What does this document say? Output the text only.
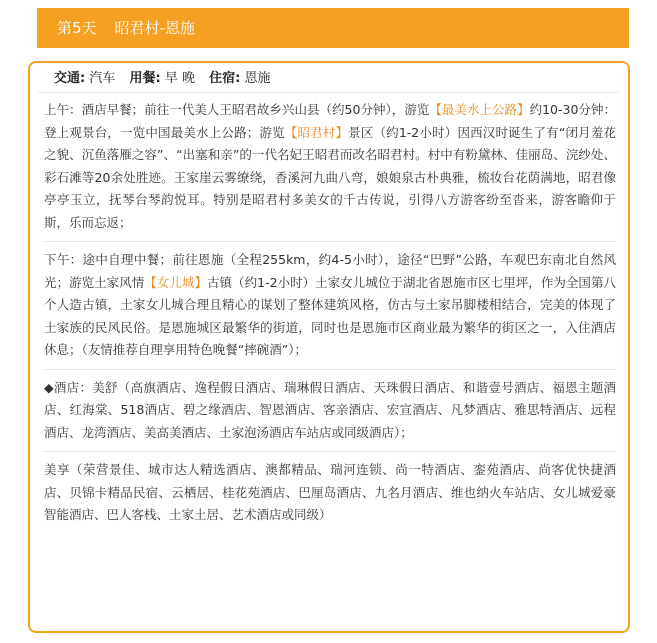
第5天 昭君村-恩施
交通: 汽车 用餐: 早 晚 住宿: 恩施

上午：酒店早餐；前往一代美人王昭君故乡兴山县（约50分钟），游览【最美水上公路】约10-30分钟：登上观景台，一览中国最美水上公路；游览【昭君村】景区（约1-2小时）因西汉时诞生了有“闭月羞花之貌、沉鱼落雁之容”、“出塞和亲”的一代名妃王昭君而改名昭君村。村中有粉黛林、佳丽岛、浣纱处、彩石滩等20余处胜迹。王家崖云雾缭绕，香溪河九曲八弯，娘娘泉古朴典雅，梳妆台花荫满地，昭君像亭亭玉立，抚琴台琴韵悦耳。特别是昭君村多美女的千古传说，引得八方游客纷至沓来，游客瞻仰于斯，乐而忘返；

下午：途中自理中餐；前往恩施（全程255km，约4-5小时），途径“巴野”公路，车观巴东南北自然风光；游览土家风情【女儿城】古镇（约1-2小时）土家女儿城位于湖北省恩施市区七里坪，作为全国第八个人造古镇，土家女儿城合理且精心的谋划了整体建筑风格，仿古与土家吊脚楼相结合，完美的体现了土家族的民风民俗。是恩施城区最繁华的街道，同时也是恩施市区商业最为繁华的街区之一，入住酒店休息；（友情推荐自理享用特色晚餐“摔碗酒”）；

◆酒店：美舒（高旗酒店、逸程假日酒店、瑞琳假日酒店、天珠假日酒店、和谐壹号酒店、福恩主题酒店、红海棠、518酒店、碧之缘酒店、智恩酒店、客亲酒店、宏宣酒店、凡梦酒店、雅思特酒店、远程酒店、龙湾酒店、美高美酒店、土家泡汤酒店车站店或同级酒店）；

美享（荣营景佳、城市达人精选酒店、澳都精品、瑞河连锁、尚一特酒店、銮苑酒店、尚客优快捷酒店、贝锦卡精品民宿、云栖居、桂花苑酒店、巴厘岛酒店、九名月酒店、维也纳火车站店、女儿城爱豪智能酒店、巴人客栈、土家土居、艺术酒店或同级）
